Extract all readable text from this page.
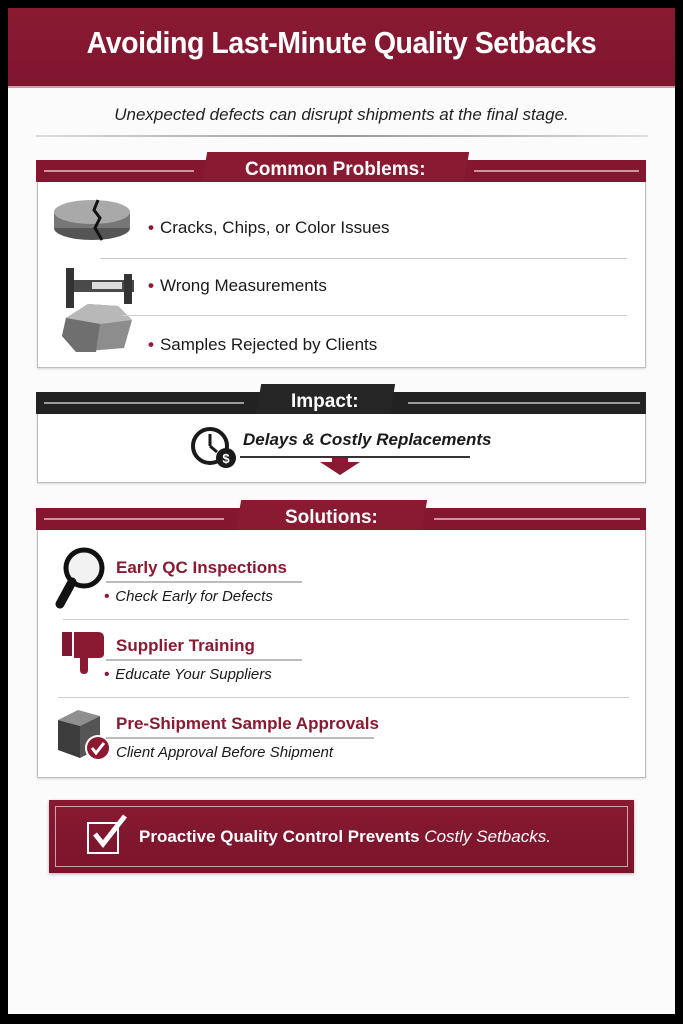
Avoiding Last-Minute Quality Setbacks
Unexpected defects can disrupt shipments at the final stage.
Common Problems:
• Cracks, Chips, or Color Issues
• Wrong Measurements
• Samples Rejected by Clients
Impact:
$
Delays & Costly Replacements
Solutions:
Early QC Inspections
• Check Early for Defects
Supplier Training
• Educate Your Suppliers
Pre-Shipment Sample Approvals
Client Approval Before Shipment
Proactive Quality Control Prevents Costly Setbacks.
